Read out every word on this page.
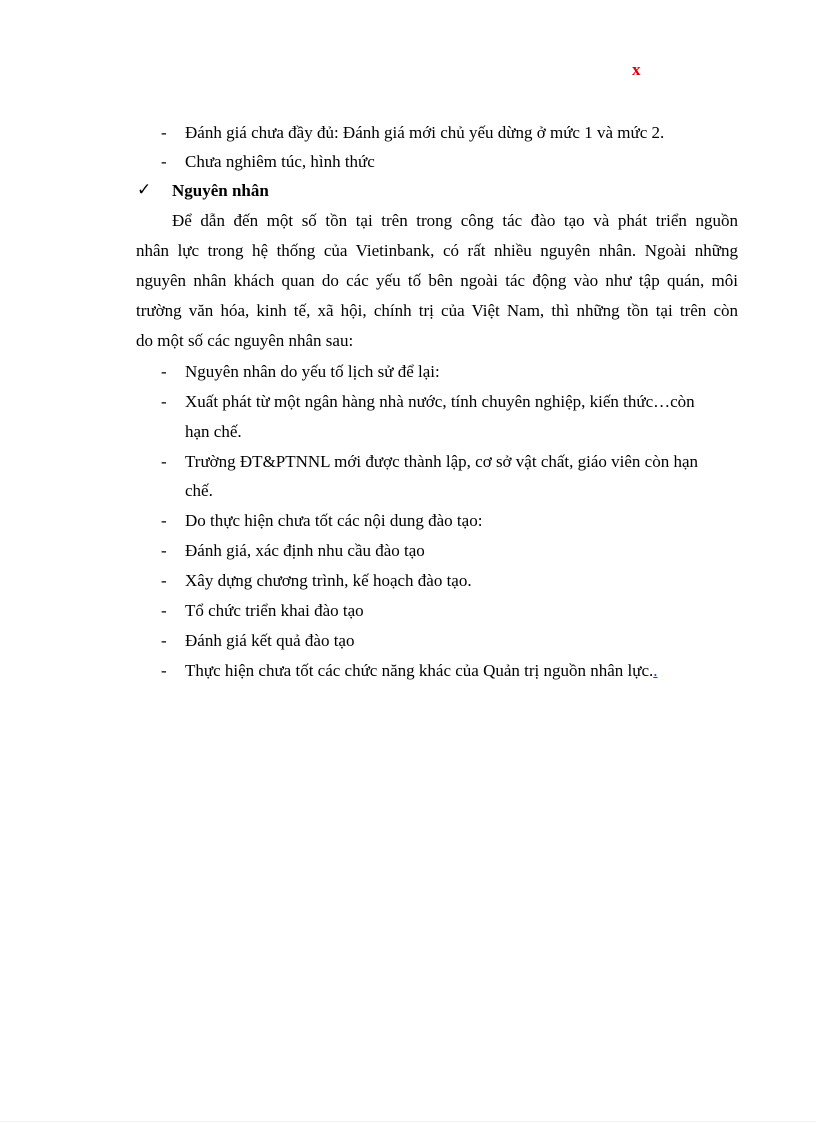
x
- Đánh giá chưa đầy đủ: Đánh giá mới chủ yếu dừng ở mức 1 và mức 2.
- Chưa nghiêm túc, hình thức
✓ Nguyên nhân
Để dẫn đến một số tồn tại trên trong công tác đào tạo và phát triển nguồn
nhân lực trong hệ thống của Vietinbank, có rất nhiều nguyên nhân. Ngoài những
nguyên nhân khách quan do các yếu tố bên ngoài tác động vào như tập quán, môi
trường văn hóa, kinh tế, xã hội, chính trị của Việt Nam, thì những tồn tại trên còn
do một số các nguyên nhân sau:
- Nguyên nhân do yếu tố lịch sử để lại:
- Xuất phát từ một ngân hàng nhà nước, tính chuyên nghiệp, kiến thức…còn
hạn chế.
- Trường ĐT&PTNNL mới được thành lập, cơ sở vật chất, giáo viên còn hạn
chế.
- Do thực hiện chưa tốt các nội dung đào tạo:
- Đánh giá, xác định nhu cầu đào tạo
- Xây dựng chương trình, kế hoạch đào tạo.
- Tổ chức triển khai đào tạo
- Đánh giá kết quả đào tạo
- Thực hiện chưa tốt các chức năng khác của Quản trị nguồn nhân lực..
